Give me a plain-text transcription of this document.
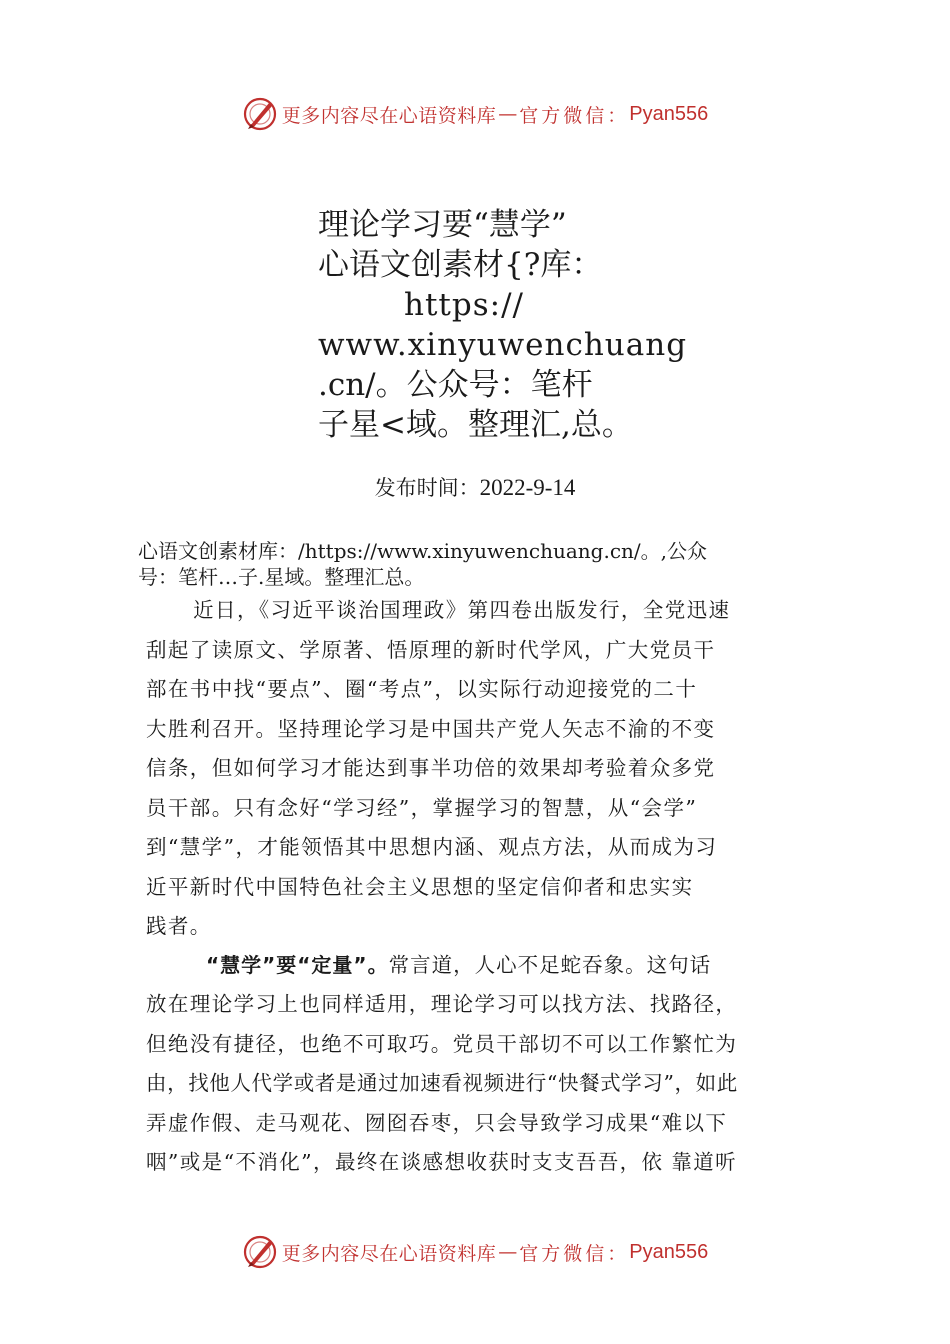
更多内容尽在心语资料库 — 官方微信： Pyan556
理论学习要“慧学”
心语文创素材{?库：
https://
www.xinyuwenchuang
.cn/。公众号：笔杆
子星<域。整理汇,总。
发布时间：2022-9-14
心语文创素材库：/https://www.xinyuwenchuang.cn/。,公众
号：笔杆…子.星域。整理汇总。
近日，《习近平谈治国理政》第四卷出版发行，全党迅速
刮起了读原文、学原著、悟原理的新时代学风，广大党员干
部在书中找“要点”、圈“考点”，以实际行动迎接党的二十
大胜利召开。坚持理论学习是中国共产党人矢志不渝的不变
信条，但如何学习才能达到事半功倍的效果却考验着众多党
员干部。只有念好“学习经”，掌握学习的智慧，从“会学”
到“慧学”，才能领悟其中思想内涵、观点方法，从而成为习
近平新时代中国特色社会主义思想的坚定信仰者和忠实实
践者。
“慧学”要“定量”。常言道，人心不足蛇吞象。这句话
放在理论学习上也同样适用，理论学习可以找方法、找路径，
但绝没有捷径，也绝不可取巧。党员干部切不可以工作繁忙为
由，找他人代学或者是通过加速看视频进行“快餐式学习”，如此
弄虚作假、走马观花、囫囵吞枣，只会导致学习成果“难以下
咽”或是“不消化”，最终在谈感想收获时支支吾吾，依 靠道听
更多内容尽在心语资料库 — 官方微信： Pyan556
